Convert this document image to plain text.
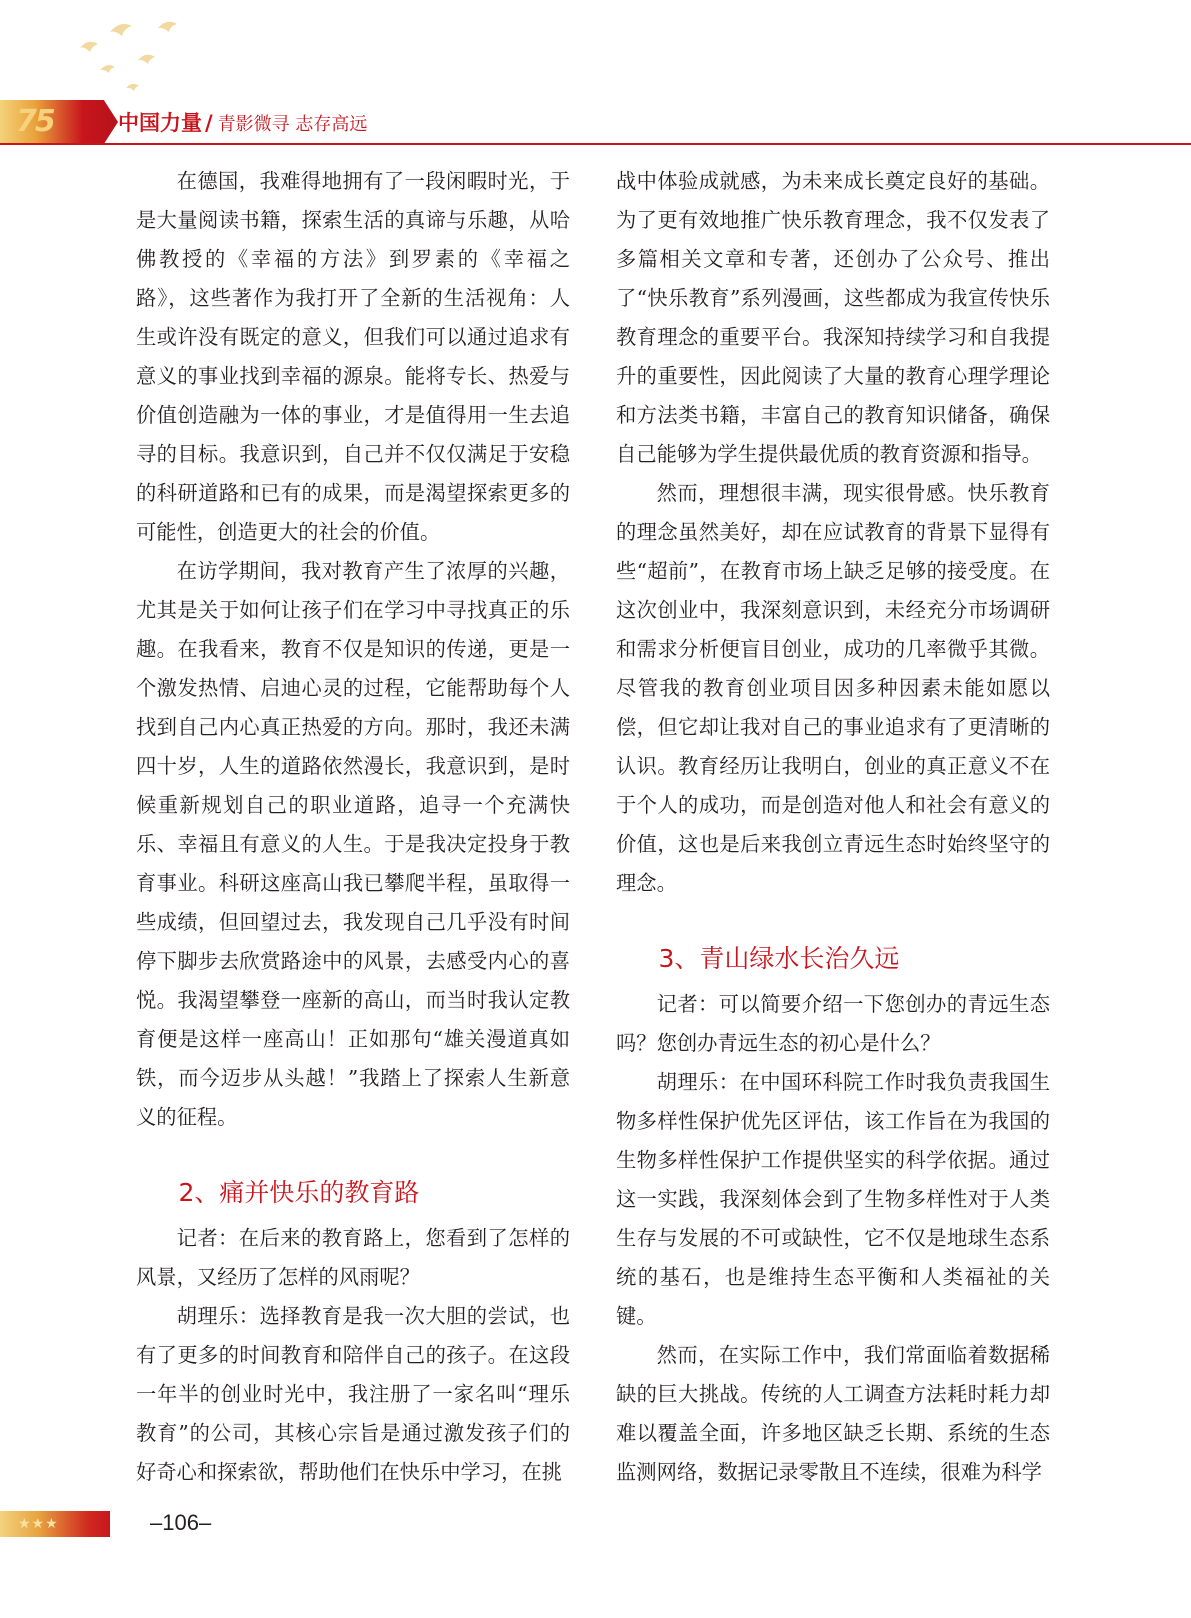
75	中国力量 / 青影微寻 志存高远

在德国，我难得地拥有了一段闲暇时光，于是大量阅读书籍，探索生活的真谛与乐趣，从哈佛教授的《幸福的方法》到罗素的《幸福之路》，这些著作为我打开了全新的生活视角：人生或许没有既定的意义，但我们可以通过追求有意义的事业找到幸福的源泉。能将专长、热爱与价值创造融为一体的事业，才是值得用一生去追寻的目标。我意识到，自己并不仅仅满足于安稳的科研道路和已有的成果，而是渴望探索更多的可能性，创造更大的社会的价值。

在访学期间，我对教育产生了浓厚的兴趣，尤其是关于如何让孩子们在学习中寻找真正的乐趣。在我看来，教育不仅是知识的传递，更是一个激发热情、启迪心灵的过程，它能帮助每个人找到自己内心真正热爱的方向。那时，我还未满四十岁，人生的道路依然漫长，我意识到，是时候重新规划自己的职业道路，追寻一个充满快乐、幸福且有意义的人生。于是我决定投身于教育事业。科研这座高山我已攀爬半程，虽取得一些成绩，但回望过去，我发现自己几乎没有时间停下脚步去欣赏路途中的风景，去感受内心的喜悦。我渴望攀登一座新的高山，而当时我认定教育便是这样一座高山！正如那句“雄关漫道真如铁，而今迈步从头越！”我踏上了探索人生新意义的征程。

2、痛并快乐的教育路

记者：在后来的教育路上，您看到了怎样的风景，又经历了怎样的风雨呢？

胡理乐：选择教育是我一次大胆的尝试，也有了更多的时间教育和陪伴自己的孩子。在这段一年半的创业时光中，我注册了一家名叫“理乐教育”的公司，其核心宗旨是通过激发孩子们的好奇心和探索欲，帮助他们在快乐中学习，在挑

战中体验成就感，为未来成长奠定良好的基础。为了更有效地推广快乐教育理念，我不仅发表了多篇相关文章和专著，还创办了公众号、推出了“快乐教育”系列漫画，这些都成为我宣传快乐教育理念的重要平台。我深知持续学习和自我提升的重要性，因此阅读了大量的教育心理学理论和方法类书籍，丰富自己的教育知识储备，确保自己能够为学生提供最优质的教育资源和指导。

然而，理想很丰满，现实很骨感。快乐教育的理念虽然美好，却在应试教育的背景下显得有些“超前”，在教育市场上缺乏足够的接受度。在这次创业中，我深刻意识到，未经充分市场调研和需求分析便盲目创业，成功的几率微乎其微。尽管我的教育创业项目因多种因素未能如愿以偿，但它却让我对自己的事业追求有了更清晰的认识。教育经历让我明白，创业的真正意义不在于个人的成功，而是创造对他人和社会有意义的价值，这也是后来我创立青远生态时始终坚守的理念。

3、青山绿水长治久远

记者：可以简要介绍一下您创办的青远生态吗？您创办青远生态的初心是什么？

胡理乐：在中国环科院工作时我负责我国生物多样性保护优先区评估，该工作旨在为我国的生物多样性保护工作提供坚实的科学依据。通过这一实践，我深刻体会到了生物多样性对于人类生存与发展的不可或缺性，它不仅是地球生态系统的基石，也是维持生态平衡和人类福祉的关键。

然而，在实际工作中，我们常面临着数据稀缺的巨大挑战。传统的人工调查方法耗时耗力却难以覆盖全面，许多地区缺乏长期、系统的生态监测网络，数据记录零散且不连续，很难为科学

★★★	–106–
